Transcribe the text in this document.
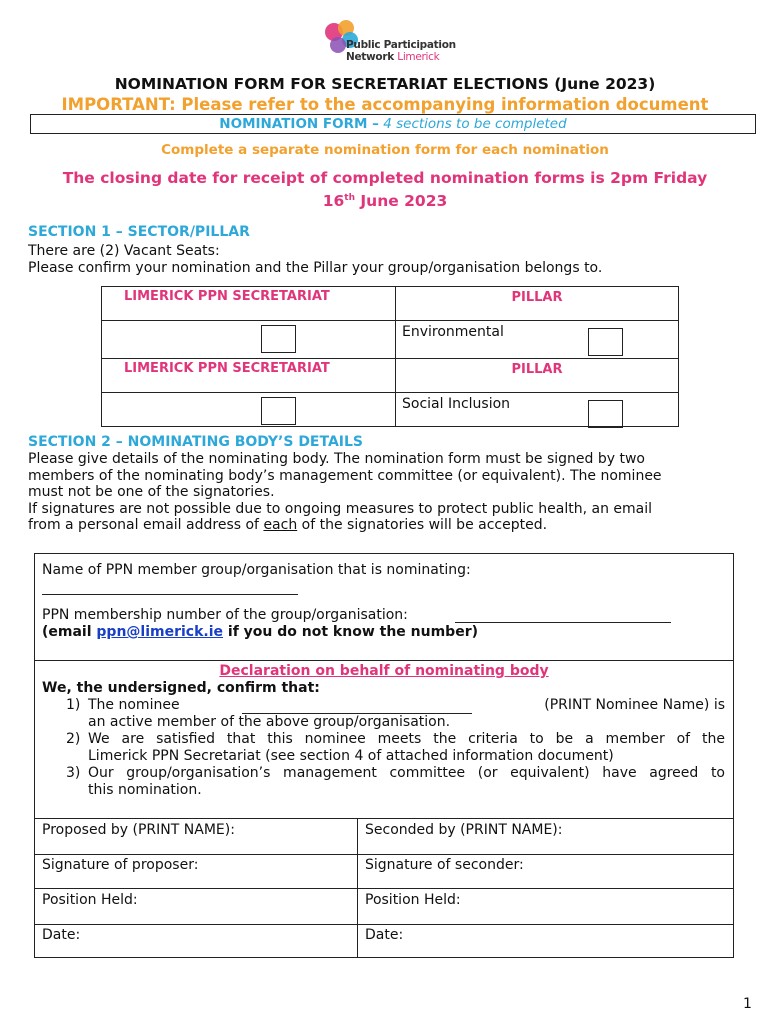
Public Participation
Network Limerick
NOMINATION FORM FOR SECRETARIAT ELECTIONS (June 2023)
IMPORTANT: Please refer to the accompanying information document
NOMINATION FORM – 4 sections to be completed
Complete a separate nomination form for each nomination
The closing date for receipt of completed nomination forms is 2pm Friday
16th June 2023
SECTION 1 – SECTOR/PILLAR
There are (2) Vacant Seats:
Please confirm your nomination and the Pillar your group/organisation belongs to.
LIMERICK PPN SECRETARIAT	PILLAR

	Environmental

LIMERICK PPN SECRETARIAT	PILLAR

	Social Inclusion
SECTION 2 – NOMINATING BODY’S DETAILS
Please give details of the nominating body. The nomination form must be signed by two
members of the nominating body’s management committee (or equivalent). The nominee
must not be one of the signatories.
If signatures are not possible due to ongoing measures to protect public health, an email
from a personal email address of each of the signatories will be accepted.
Name of PPN member group/organisation that is nominating:
PPN membership number of the group/organisation:
(email ppn@limerick.ie if you do not know the number)
Declaration on behalf of nominating body
We, the undersigned, confirm that:
1) The nominee	(PRINT Nominee Name) is
an active member of the above group/organisation.
2) We are satisfied that this nominee meets the criteria to be a member of the
Limerick PPN Secretariat (see section 4 of attached information document)
3) Our group/organisation’s management committee (or equivalent) have agreed to
this nomination.
Proposed by (PRINT NAME):	Seconded by (PRINT NAME):
Signature of proposer:	Signature of seconder:
Position Held:	Position Held:
Date:	Date:
1
